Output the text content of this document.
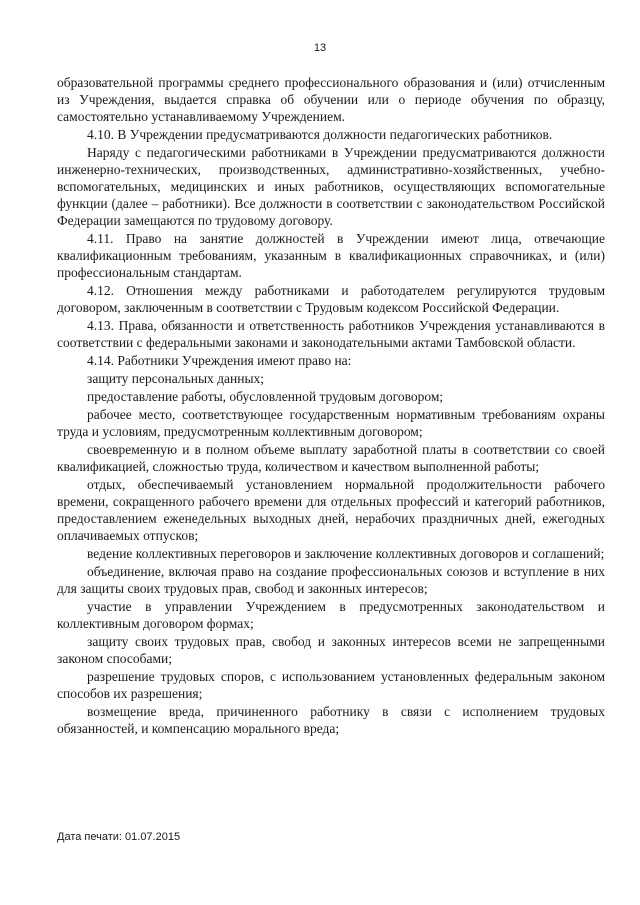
13

образовательной программы среднего профессионального образования и (или) отчисленным из Учреждения, выдается справка об обучении или о периоде обучения по образцу, самостоятельно устанавливаемому Учреждением.

4.10. В Учреждении предусматриваются должности педагогических работников.

Наряду с педагогическими работниками в Учреждении предусматриваются должности инженерно-технических, производственных, административно-хозяйственных, учебно-вспомогательных, медицинских и иных работников, осуществляющих вспомогательные функции (далее – работники). Все должности в соответствии с законодательством Российской Федерации замещаются по трудовому договору.

4.11. Право на занятие должностей в Учреждении имеют лица, отвечающие квалификационным требованиям, указанным в квалификационных справочниках, и (или) профессиональным стандартам.

4.12. Отношения между работниками и работодателем регулируются трудовым договором, заключенным в соответствии с Трудовым кодексом Российской Федерации.

4.13. Права, обязанности и ответственность работников Учреждения устанавливаются в соответствии с федеральными законами и законодательными актами Тамбовской области.

4.14. Работники Учреждения имеют право на:

защиту персональных данных;

предоставление работы, обусловленной трудовым договором;

рабочее место, соответствующее государственным нормативным требованиям охраны труда и условиям, предусмотренным коллективным договором;

своевременную и в полном объеме выплату заработной платы в соответствии со своей квалификацией, сложностью труда, количеством и качеством выполненной работы;

отдых, обеспечиваемый установлением нормальной продолжительности рабочего времени, сокращенного рабочего времени для отдельных профессий и категорий работников, предоставлением еженедельных выходных дней, нерабочих праздничных дней, ежегодных оплачиваемых отпусков;

ведение коллективных переговоров и заключение коллективных договоров и соглашений;

объединение, включая право на создание профессиональных союзов и вступление в них для защиты своих трудовых прав, свобод и законных интересов;

участие в управлении Учреждением в предусмотренных законодательством и коллективным договором формах;

защиту своих трудовых прав, свобод и законных интересов всеми не запрещенными законом способами;

разрешение трудовых споров, с использованием установленных федеральным законом способов их разрешения;

возмещение вреда, причиненного работнику в связи с исполнением трудовых обязанностей, и компенсацию морального вреда;

Дата печати: 01.07.2015
